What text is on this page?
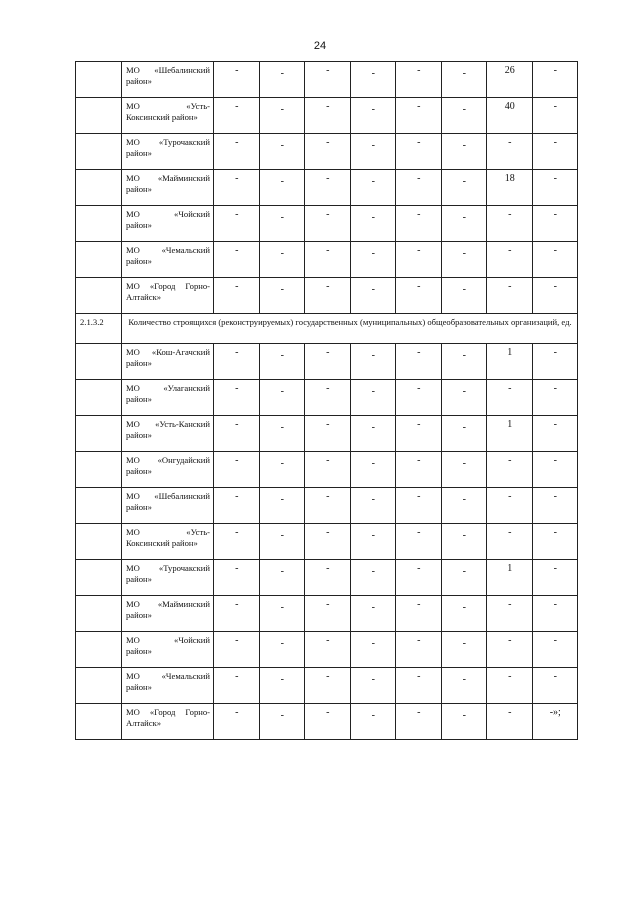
24

	МО «Шебалинский
район»	-	-	-	-	-	-	26	-

	МО «Усть-
Коксинский район»	-	-	-	-	-	-	40	-

	МО «Турочакский
район»	-	-	-	-	-	-	-	-

	МО «Майминский
район»	-	-	-	-	-	-	18	-

	МО «Чойский
район»	-	-	-	-	-	-	-	-

	МО «Чемальский
район»	-	-	-	-	-	-	-	-

	МО «Город Горно-
Алтайск»	-	-	-	-	-	-	-	-
2.1.3.2	Количество строящихся (реконструируемых) государственных (муниципальных) общеобразовательных организаций, ед.								

	МО «Кош-Агачский
район»	-	-	-	-	-	-	1	-

	МО «Улаганский
район»	-	-	-	-	-	-	-	-

	МО «Усть-Канский
район»	-	-	-	-	-	-	1	-

	МО «Онгудайский
район»	-	-	-	-	-	-	-	-

	МО «Шебалинский
район»	-	-	-	-	-	-	-	-

	МО «Усть-
Коксинский район»	-	-	-	-	-	-	-	-

	МО «Турочакский
район»	-	-	-	-	-	-	1	-

	МО «Майминский
район»	-	-	-	-	-	-	-	-

	МО «Чойский
район»	-	-	-	-	-	-	-	-

	МО «Чемальский
район»	-	-	-	-	-	-	-	-

	МО «Город Горно-
Алтайск»	-	-	-	-	-	-	-	-»;
